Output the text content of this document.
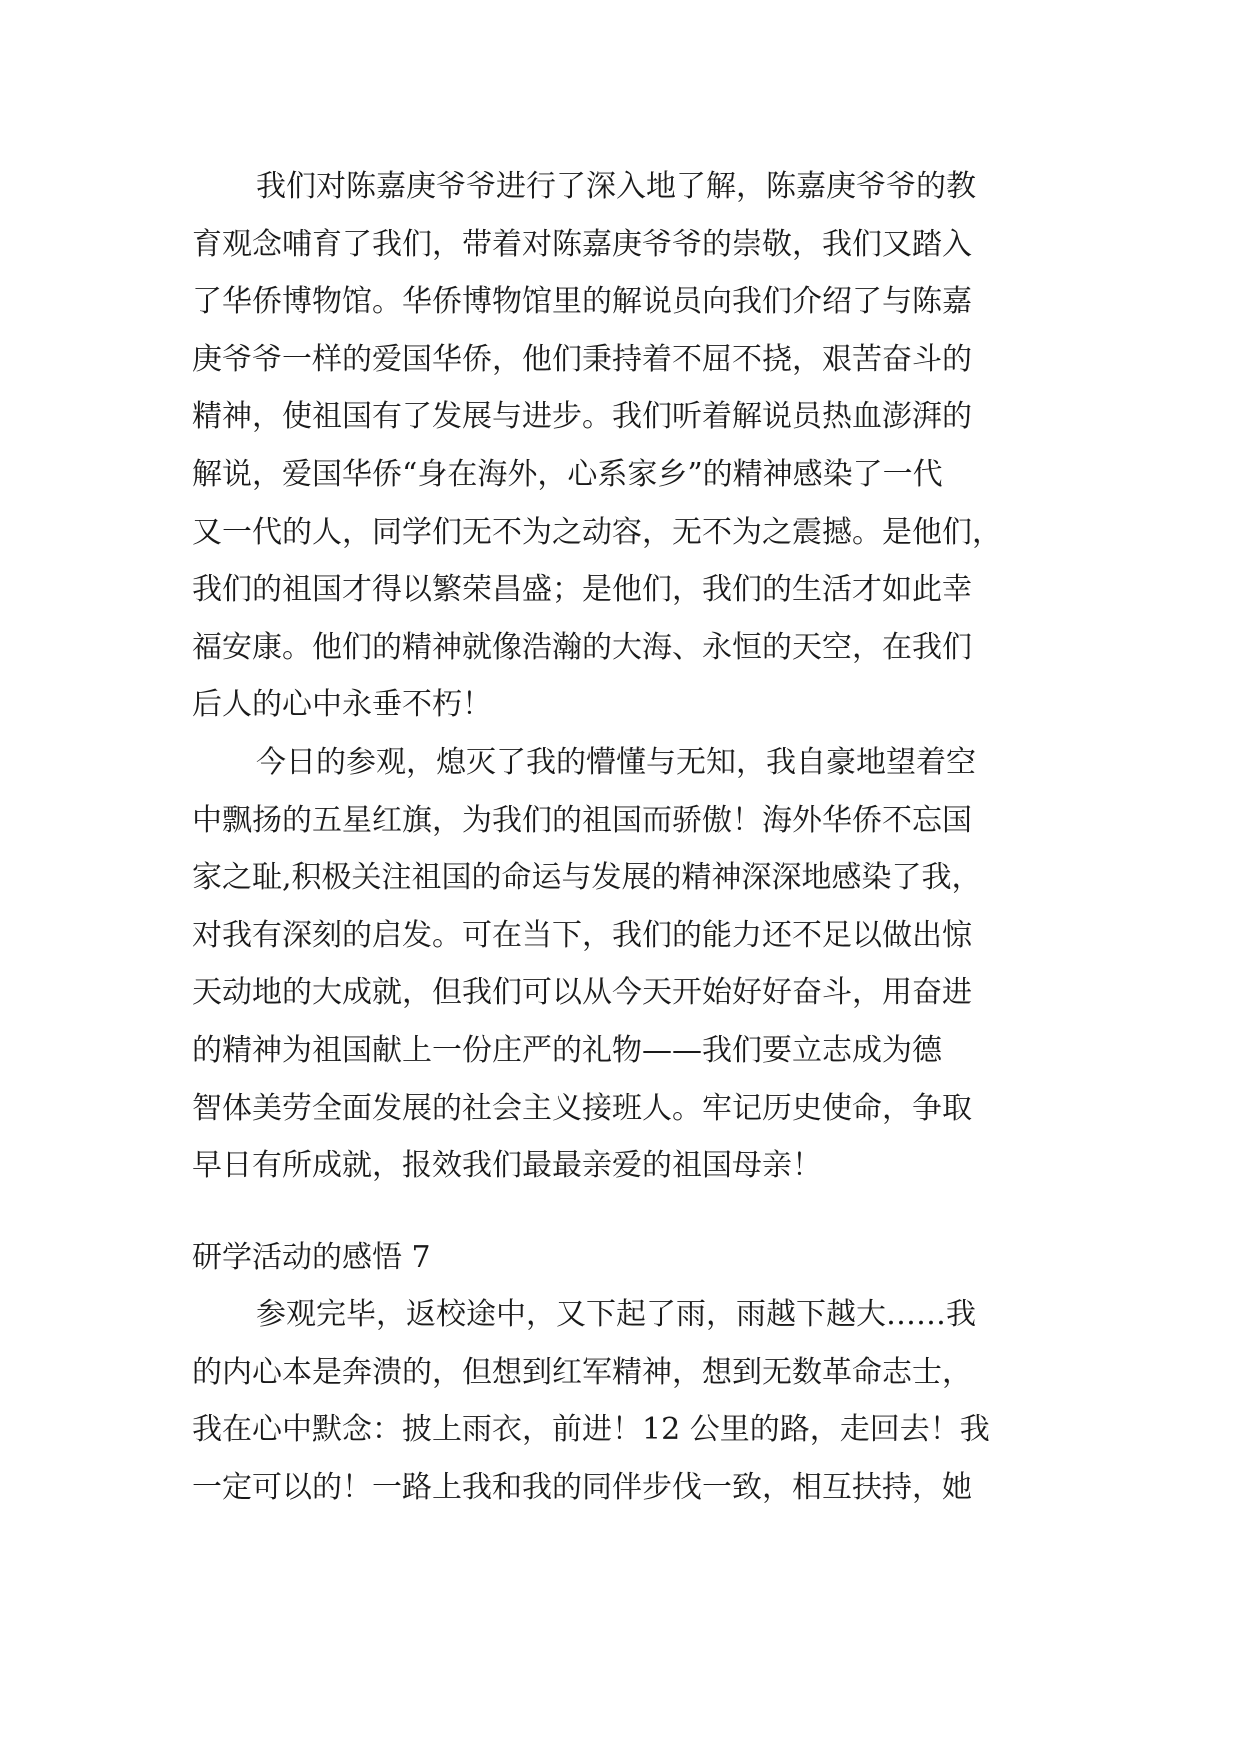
我们对陈嘉庚爷爷进行了深入地了解，陈嘉庚爷爷的教
育观念哺育了我们，带着对陈嘉庚爷爷的崇敬，我们又踏入
了华侨博物馆。华侨博物馆里的解说员向我们介绍了与陈嘉
庚爷爷一样的爱国华侨，他们秉持着不屈不挠，艰苦奋斗的
精神，使祖国有了发展与进步。我们听着解说员热血澎湃的
解说，爱国华侨“身在海外，心系家乡”的精神感染了一代
又一代的人，同学们无不为之动容，无不为之震撼。是他们，
我们的祖国才得以繁荣昌盛；是他们，我们的生活才如此幸
福安康。他们的精神就像浩瀚的大海、永恒的天空，在我们
后人的心中永垂不朽！
今日的参观，熄灭了我的懵懂与无知，我自豪地望着空
中飘扬的五星红旗，为我们的祖国而骄傲！海外华侨不忘国
家之耻,积极关注祖国的命运与发展的精神深深地感染了我，
对我有深刻的启发。可在当下，我们的能力还不足以做出惊
天动地的大成就，但我们可以从今天开始好好奋斗，用奋进
的精神为祖国献上一份庄严的礼物——我们要立志成为德
智体美劳全面发展的社会主义接班人。牢记历史使命，争取
早日有所成就，报效我们最最亲爱的祖国母亲！

研学活动的感悟 7

参观完毕，返校途中，又下起了雨，雨越下越大……我
的内心本是奔溃的，但想到红军精神，想到无数革命志士，
我在心中默念：披上雨衣，前进！12 公里的路，走回去！我
一定可以的！一路上我和我的同伴步伐一致，相互扶持，她
